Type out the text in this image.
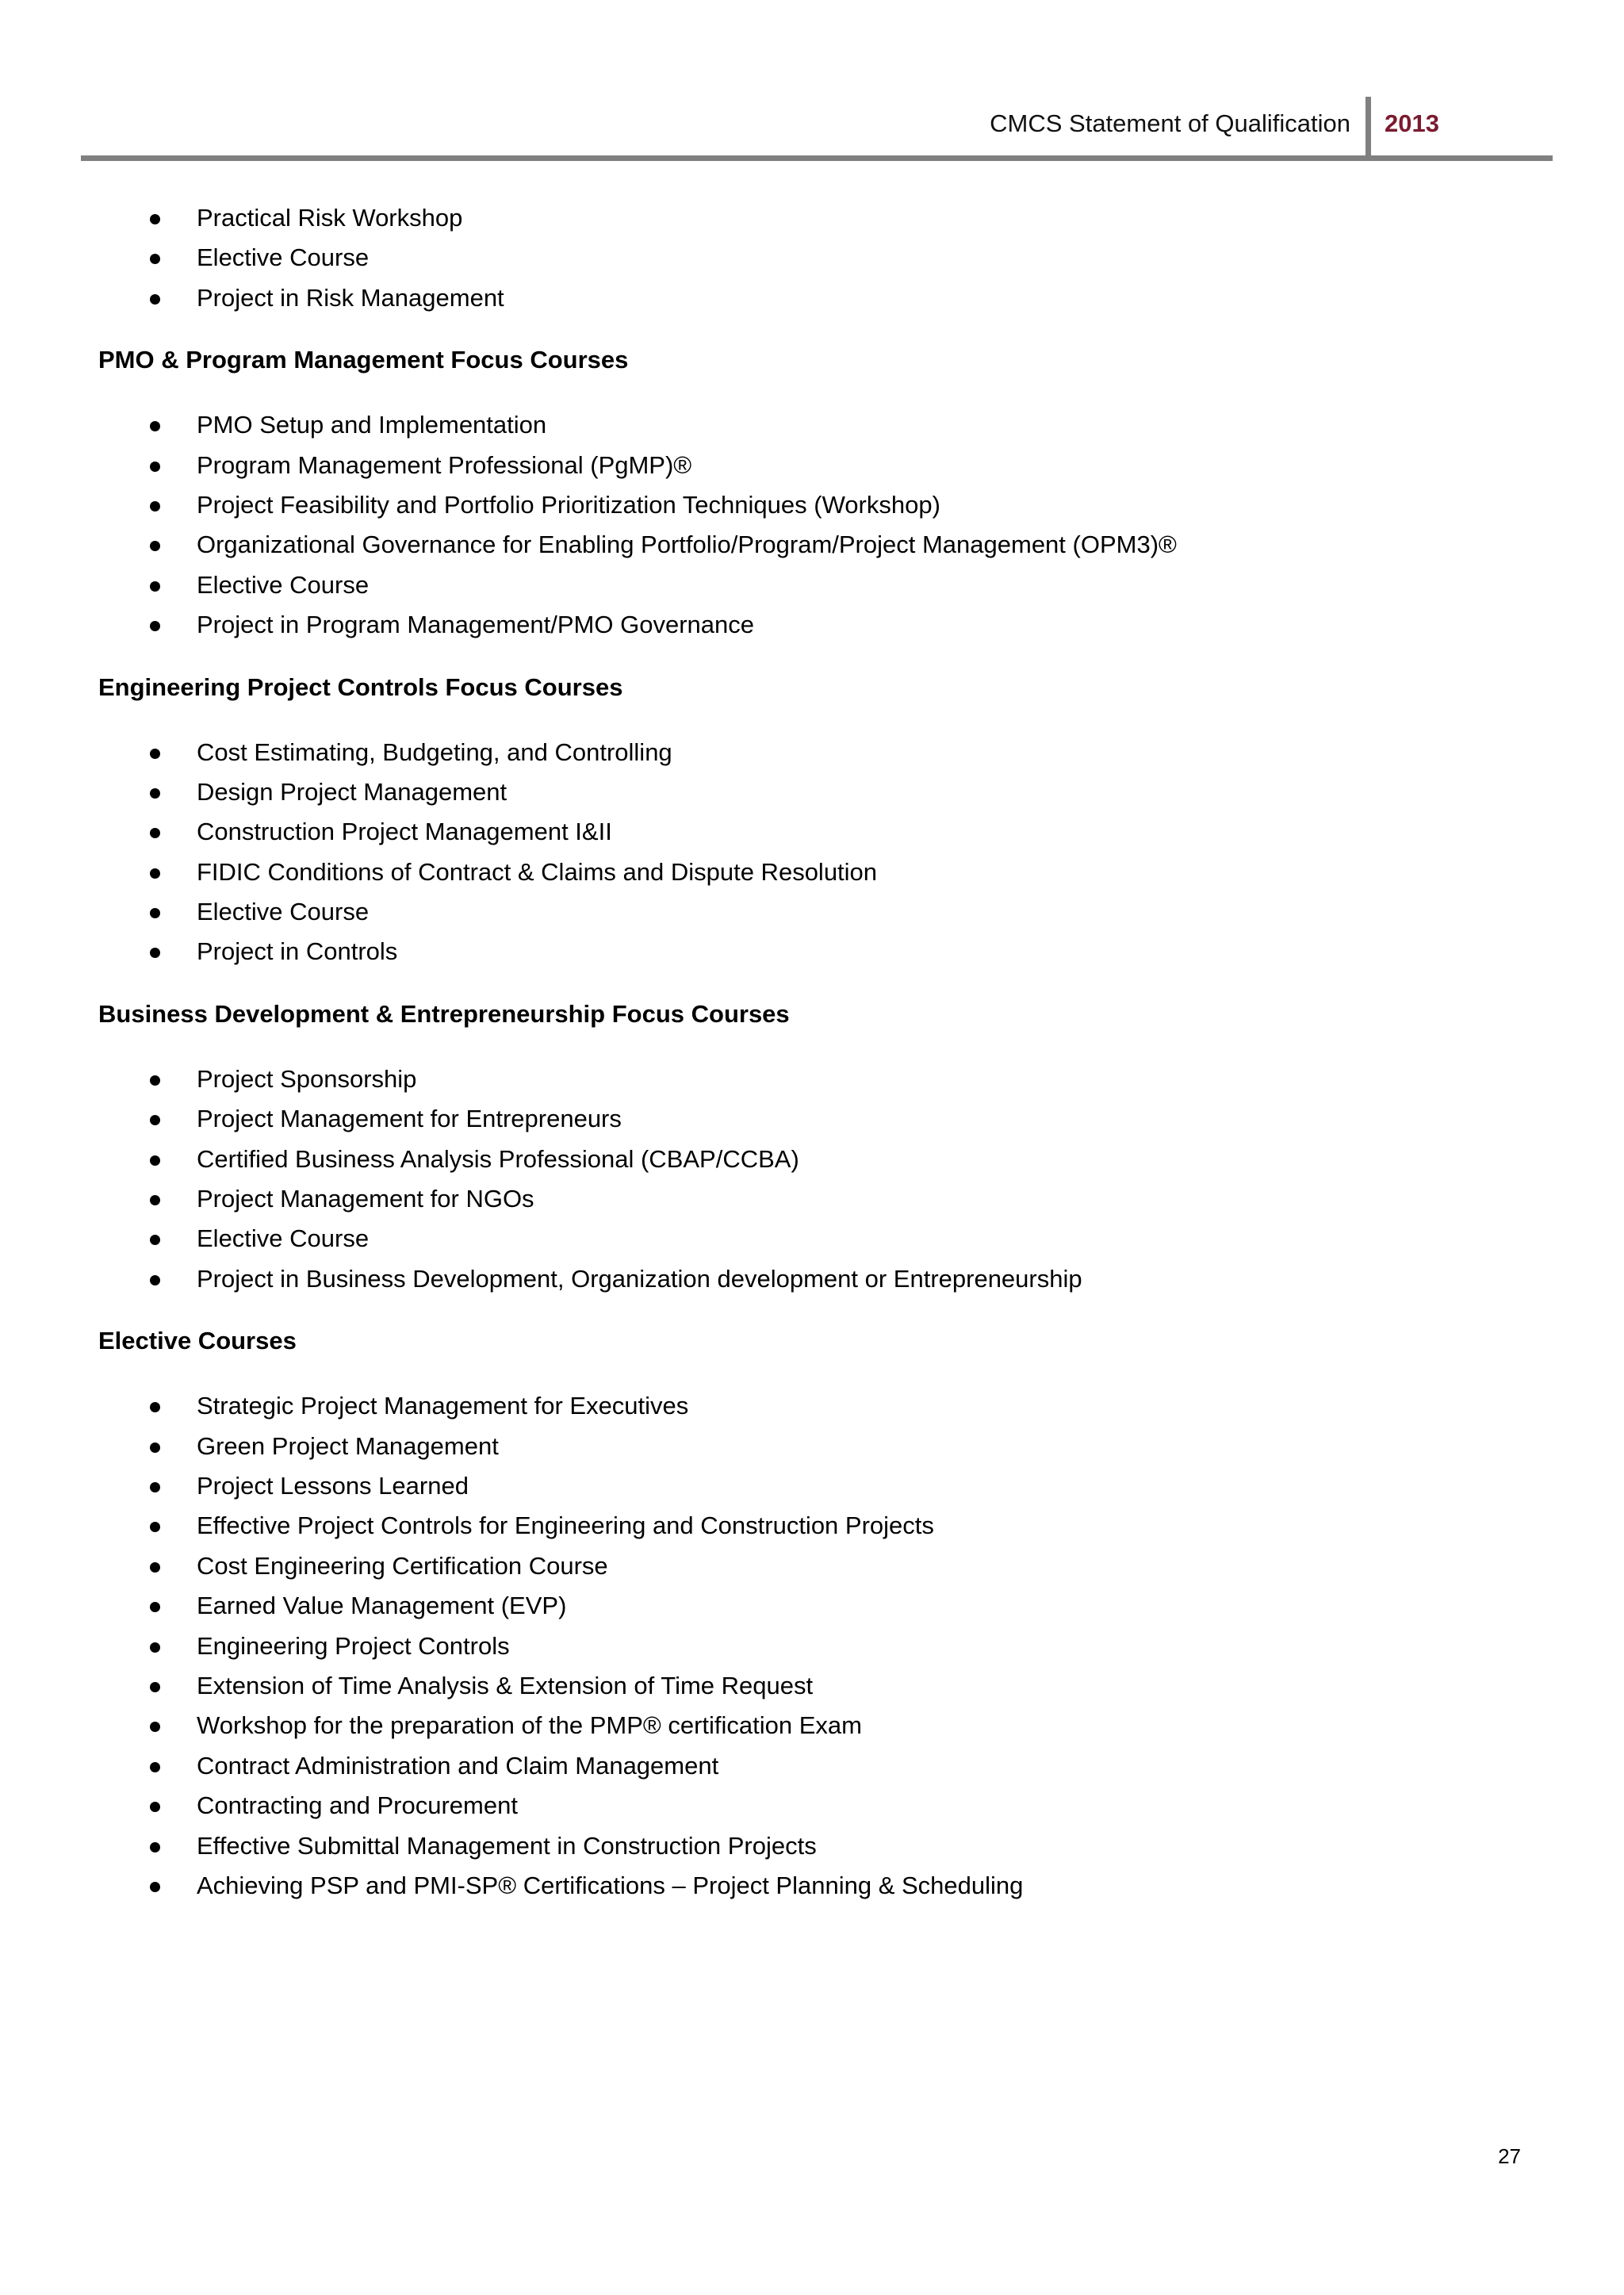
CMCS Statement of Qualification 2013
Practical Risk Workshop
Elective Course
Project in Risk Management
PMO & Program Management Focus Courses
PMO Setup and Implementation
Program Management Professional (PgMP)®
Project Feasibility and Portfolio Prioritization Techniques (Workshop)
Organizational Governance for Enabling Portfolio/Program/Project Management (OPM3)®
Elective Course
Project in Program Management/PMO Governance
Engineering Project Controls Focus Courses
Cost Estimating, Budgeting, and Controlling
Design Project Management
Construction Project Management I&II
FIDIC Conditions of Contract & Claims and Dispute Resolution
Elective Course
Project in Controls
Business Development & Entrepreneurship Focus Courses
Project Sponsorship
Project Management for Entrepreneurs
Certified Business Analysis Professional (CBAP/CCBA)
Project Management for NGOs
Elective Course
Project in Business Development, Organization development or Entrepreneurship
Elective Courses
Strategic Project Management for Executives
Green Project Management
Project Lessons Learned
Effective Project Controls for Engineering and Construction Projects
Cost Engineering Certification Course
Earned Value Management (EVP)
Engineering Project Controls
Extension of Time Analysis & Extension of Time Request
Workshop for the preparation of the PMP® certification Exam
Contract Administration and Claim Management
Contracting and Procurement
Effective Submittal Management in Construction Projects
Achieving PSP and PMI-SP® Certifications – Project Planning & Scheduling
27
